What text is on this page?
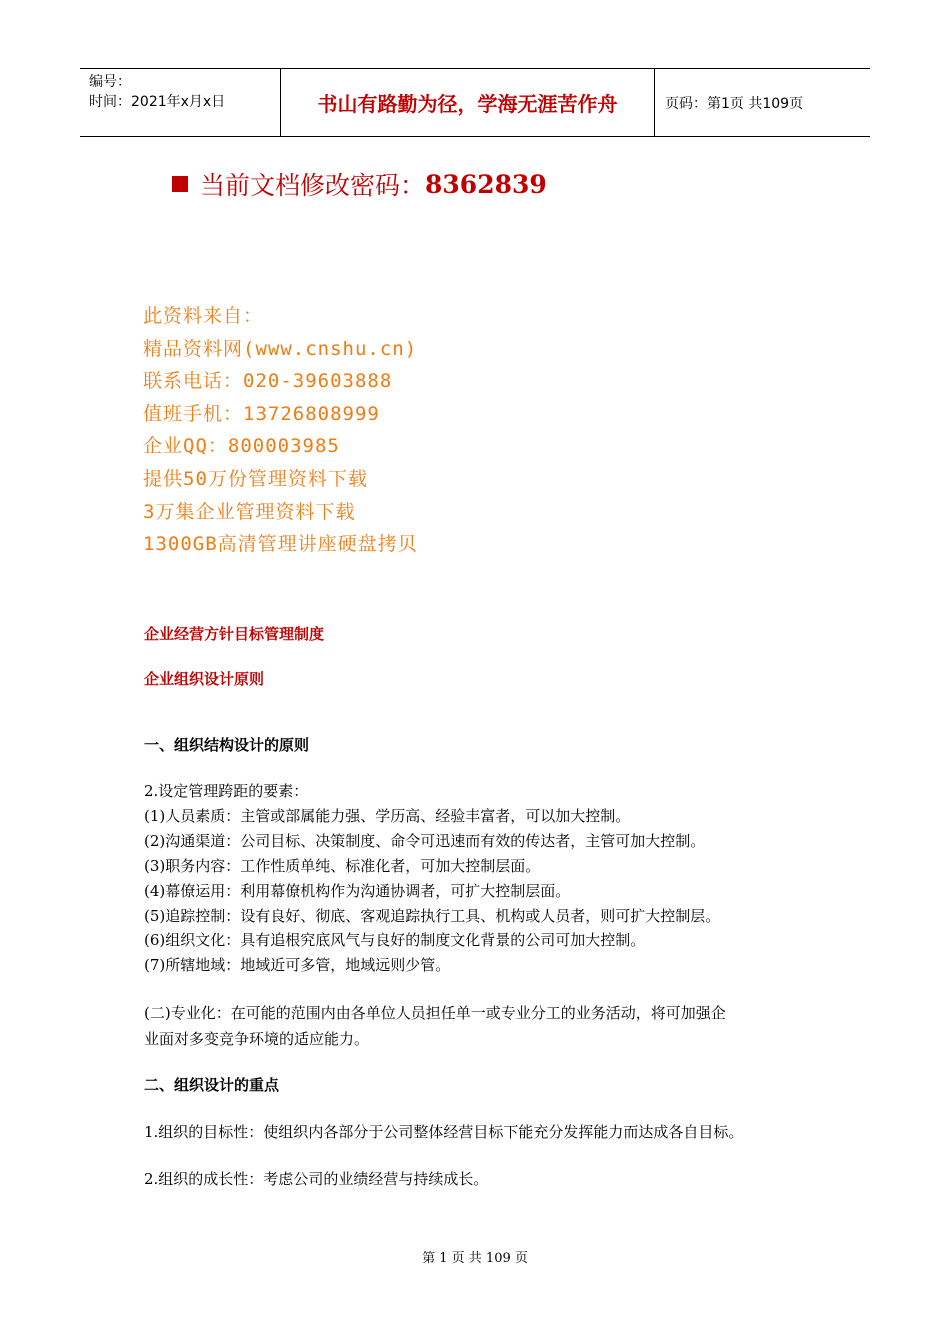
编号：
时间：2021年x月x日	书山有路勤为径，学海无涯苦作舟	页码：第1页 共109页
当前文档修改密码： 8362839
此资料来自：
精品资料网(www.cnshu.cn)
联系电话：020-39603888
值班手机：13726808999
企业QQ：800003985
提供50万份管理资料下载
3万集企业管理资料下载
1300GB高清管理讲座硬盘拷贝
企业经营方针目标管理制度
企业组织设计原则
一、组织结构设计的原则
2.设定管理跨距的要素：
(1)人员素质：主管或部属能力强、学历高、经验丰富者，可以加大控制。
(2)沟通渠道：公司目标、决策制度、命令可迅速而有效的传达者，主管可加大控制。
(3)职务内容：工作性质单纯、标准化者，可加大控制层面。
(4)幕僚运用：利用幕僚机构作为沟通协调者，可扩大控制层面。
(5)追踪控制：设有良好、彻底、客观追踪执行工具、机构或人员者，则可扩大控制层。
(6)组织文化：具有追根究底风气与良好的制度文化背景的公司可加大控制。
(7)所辖地域：地域近可多管，地域远则少管。
(二)专业化：在可能的范围内由各单位人员担任单一或专业分工的业务活动，将可加强企
业面对多变竞争环境的适应能力。
二、组织设计的重点
1.组织的目标性：使组织内各部分于公司整体经营目标下能充分发挥能力而达成各自目标。
2.组织的成长性：考虑公司的业绩经营与持续成长。
第 1 页 共 109 页
